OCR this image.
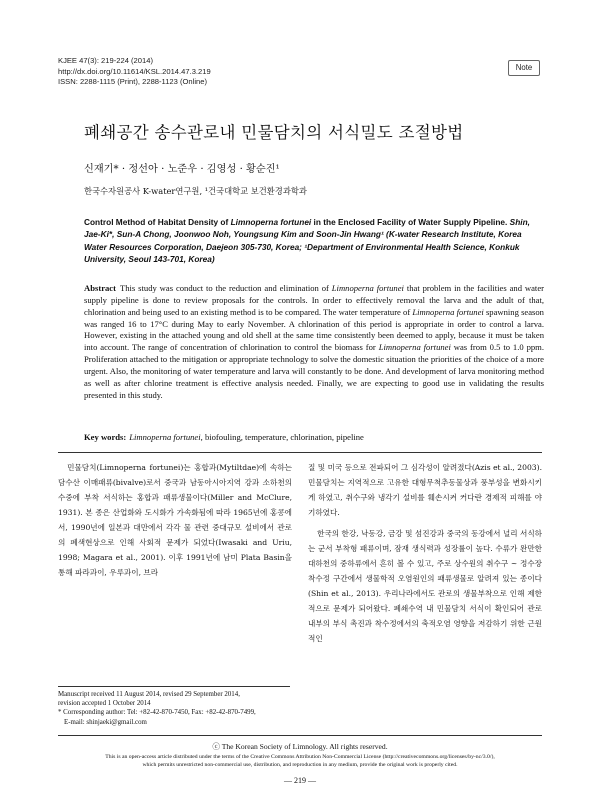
KJEE 47(3): 219-224 (2014)
http://dx.doi.org/10.11614/KSL.2014.47.3.219
ISSN: 2288-1115 (Print), 2288-1123 (Online)
Note
폐쇄공간 송수관로내 민물담치의 서식밀도 조절방법
신재기* · 정선아 · 노준우 · 김영성 · 황순진¹
한국수자원공사 K-water연구원, ¹건국대학교 보건환경과학과
Control Method of Habitat Density of Limnoperna fortunei in the Enclosed Facility of Water Supply Pipeline. Shin, Jae-Ki*, Sun-A Chong, Joonwoo Noh, Youngsung Kim and Soon-Jin Hwang¹ (K-water Research Institute, Korea Water Resources Corporation, Daejeon 305-730, Korea; ¹Department of Environmental Health Science, Konkuk University, Seoul 143-701, Korea)
Abstract This study was conduct to the reduction and elimination of Limnoperna fortunei that problem in the facilities and water supply pipeline is done to review proposals for the controls. In order to effectively removal the larva and the adult of that, chlorination and being used to an existing method is to be compared. The water temperature of Limnoperna fortunei spawning season was ranged 16 to 17°C during May to early November. A chlorination of this period is appropriate in order to control a larva. However, existing in the attached young and old shell at the same time consistently been deemed to apply, because it must be taken into account. The range of concentration of chlorination to control the biomass for Limnoperna fortunei was from 0.5 to 1.0 ppm. Proliferation attached to the mitigation or appropriate technology to solve the domestic situation the priorities of the choice of a more urgent. Also, the monitoring of water temperature and larva will constantly to be done. And development of larva monitoring method as well as after chlorine treatment is effective analysis needed. Finally, we are expecting to good use in validating the results presented in this study.
Key words: Limnoperna fortunei, biofouling, temperature, chlorination, pipeline

민물담치(Limnoperna fortunei)는 홍합과(Mytiltdae)에 속하는 담수산 이매패류(bivalve)로서 중국과 남동아시아지역 강과 소하천의 수중에 부착 서식하는 홍합과 패류생물이다(Miller and McClure, 1931). 본 종은 산업화와 도시화가 가속화됨에 따라 1965년에 홍콩에서, 1990년에 일본과 대만에서 각각 물 관련 중대규모 설비에서 관로의 폐색현상으로 인해 사회적 문제가 되었다(Iwasaki and Uriu, 1998; Magara et al., 2001). 이후 1991년에 남미 Plata Basin을 통해 파라과이, 우루과이, 브라

질 및 미국 등으로 전파되어 그 심각성이 알려졌다(Azis et al., 2003). 민물담치는 지역적으로 고유한 대형무척추동물상과 풍부성을 변화시키게 하였고, 취수구와 냉각기 설비를 훼손시켜 커다란 경제적 피해를 야기하였다.

한국의 한강, 낙동강, 금강 및 섬진강과 중국의 동강에서 널리 서식하는 군서 부착형 패류이며, 잠재 생식력과 성장률이 높다. 수류가 완만한 대하천의 중하류에서 흔히 볼 수 있고, 주로 상수원의 취수구 ~ 정수장 착수정 구간에서 생물학적 오염원인의 패류생물로 알려져 있는 종이다(Shin et al., 2013). 우리나라에서도 관로의 생물부착으로 인해 제한적으로 문제가 되어왔다. 폐쇄수역 내 민물담치 서식이 확인되어 관로 내부의 부식 촉진과 착수정에서의 축적오염 영향을 저감하기 위한 근원적인

Manuscript received 11 August 2014, revised 29 September 2014,
revision accepted 1 October 2014
* Corresponding author: Tel: +82-42-870-7450, Fax: +82-42-870-7499,
E-mail: shinjaeki@gmail.com
ⓒ The Korean Society of Limnology. All rights reserved.
This is an open-access article distributed under the terms of the Creative Commons Attribution Non-Commercial License (http://creativecommons.org/licenses/by-nc/3.0/),
which permits unrestricted non-commercial use, distribution, and reproduction in any medium, provide the original work is properly cited.
— 219 —
